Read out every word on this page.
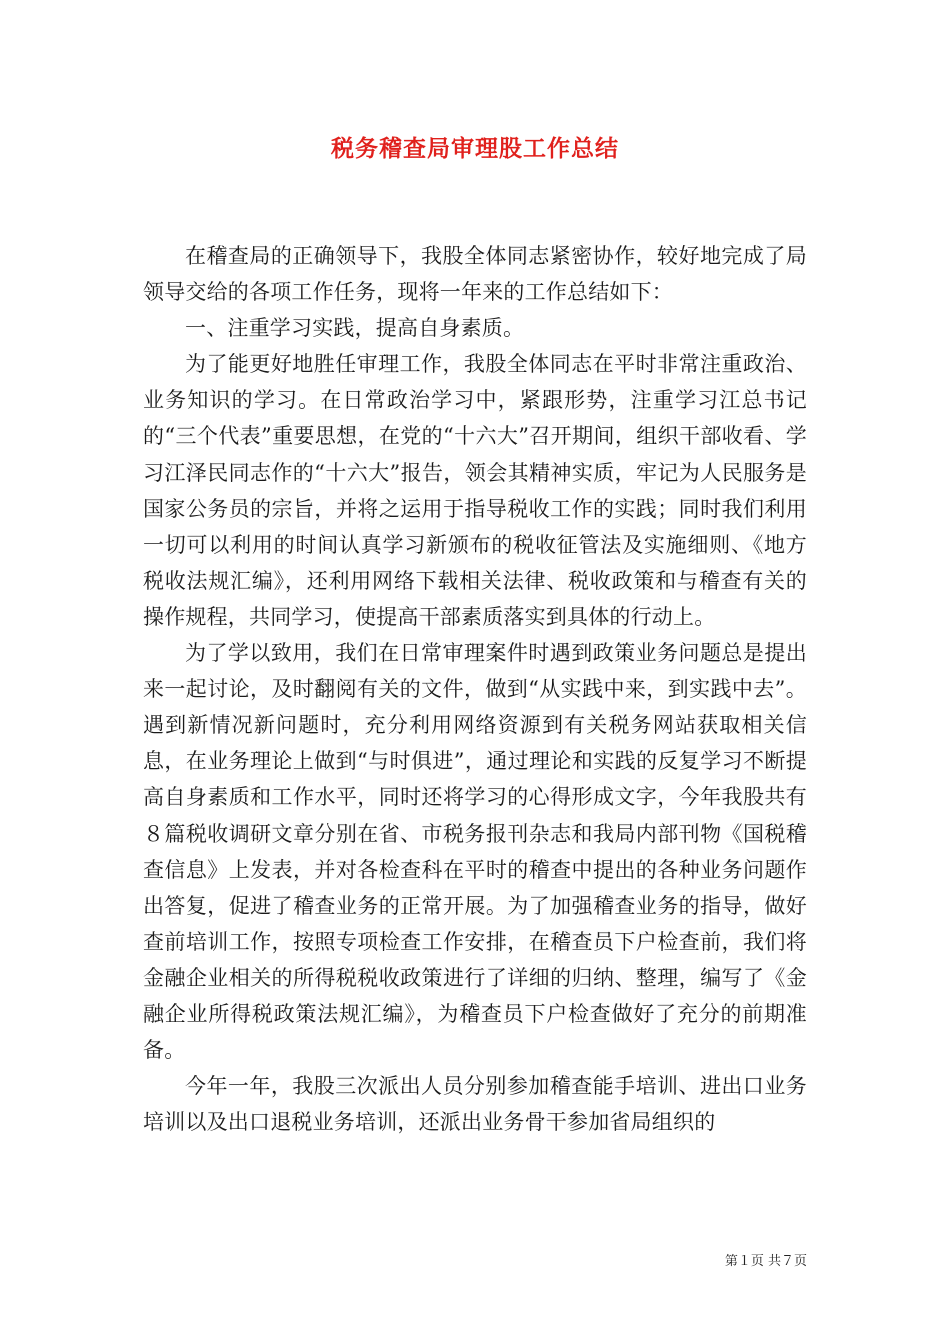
税务稽查局审理股工作总结

在稽查局的正确领导下，我股全体同志紧密协作，较好地完成了局领导交给的各项工作任务，现将一年来的工作总结如下：

一、注重学习实践，提高自身素质。

为了能更好地胜任审理工作，我股全体同志在平时非常注重政治、业务知识的学习。在日常政治学习中，紧跟形势，注重学习江总书记的“三个代表”重要思想，在党的“十六大”召开期间，组织干部收看、学习江泽民同志作的“十六大”报告，领会其精神实质，牢记为人民服务是国家公务员的宗旨，并将之运用于指导税收工作的实践；同时我们利用一切可以利用的时间认真学习新颁布的税收征管法及实施细则、《地方税收法规汇编》，还利用网络下载相关法律、税收政策和与稽查有关的操作规程，共同学习，使提高干部素质落实到具体的行动上。

为了学以致用，我们在日常审理案件时遇到政策业务问题总是提出来一起讨论，及时翻阅有关的文件，做到“从实践中来，到实践中去”。遇到新情况新问题时，充分利用网络资源到有关税务网站获取相关信息，在业务理论上做到“与时俱进”，通过理论和实践的反复学习不断提高自身素质和工作水平，同时还将学习的心得形成文字，今年我股共有８篇税收调研文章分别在省、市税务报刊杂志和我局内部刊物《国税稽查信息》上发表，并对各检查科在平时的稽查中提出的各种业务问题作出答复，促进了稽查业务的正常开展。为了加强稽查业务的指导，做好查前培训工作，按照专项检查工作安排，在稽查员下户检查前，我们将金融企业相关的所得税税收政策进行了详细的归纳、整理，编写了《金融企业所得税政策法规汇编》，为稽查员下户检查做好了充分的前期准备。

今年一年，我股三次派出人员分别参加稽查能手培训、进出口业务培训以及出口退税业务培训，还派出业务骨干参加省局组织的

第１页 共７页
